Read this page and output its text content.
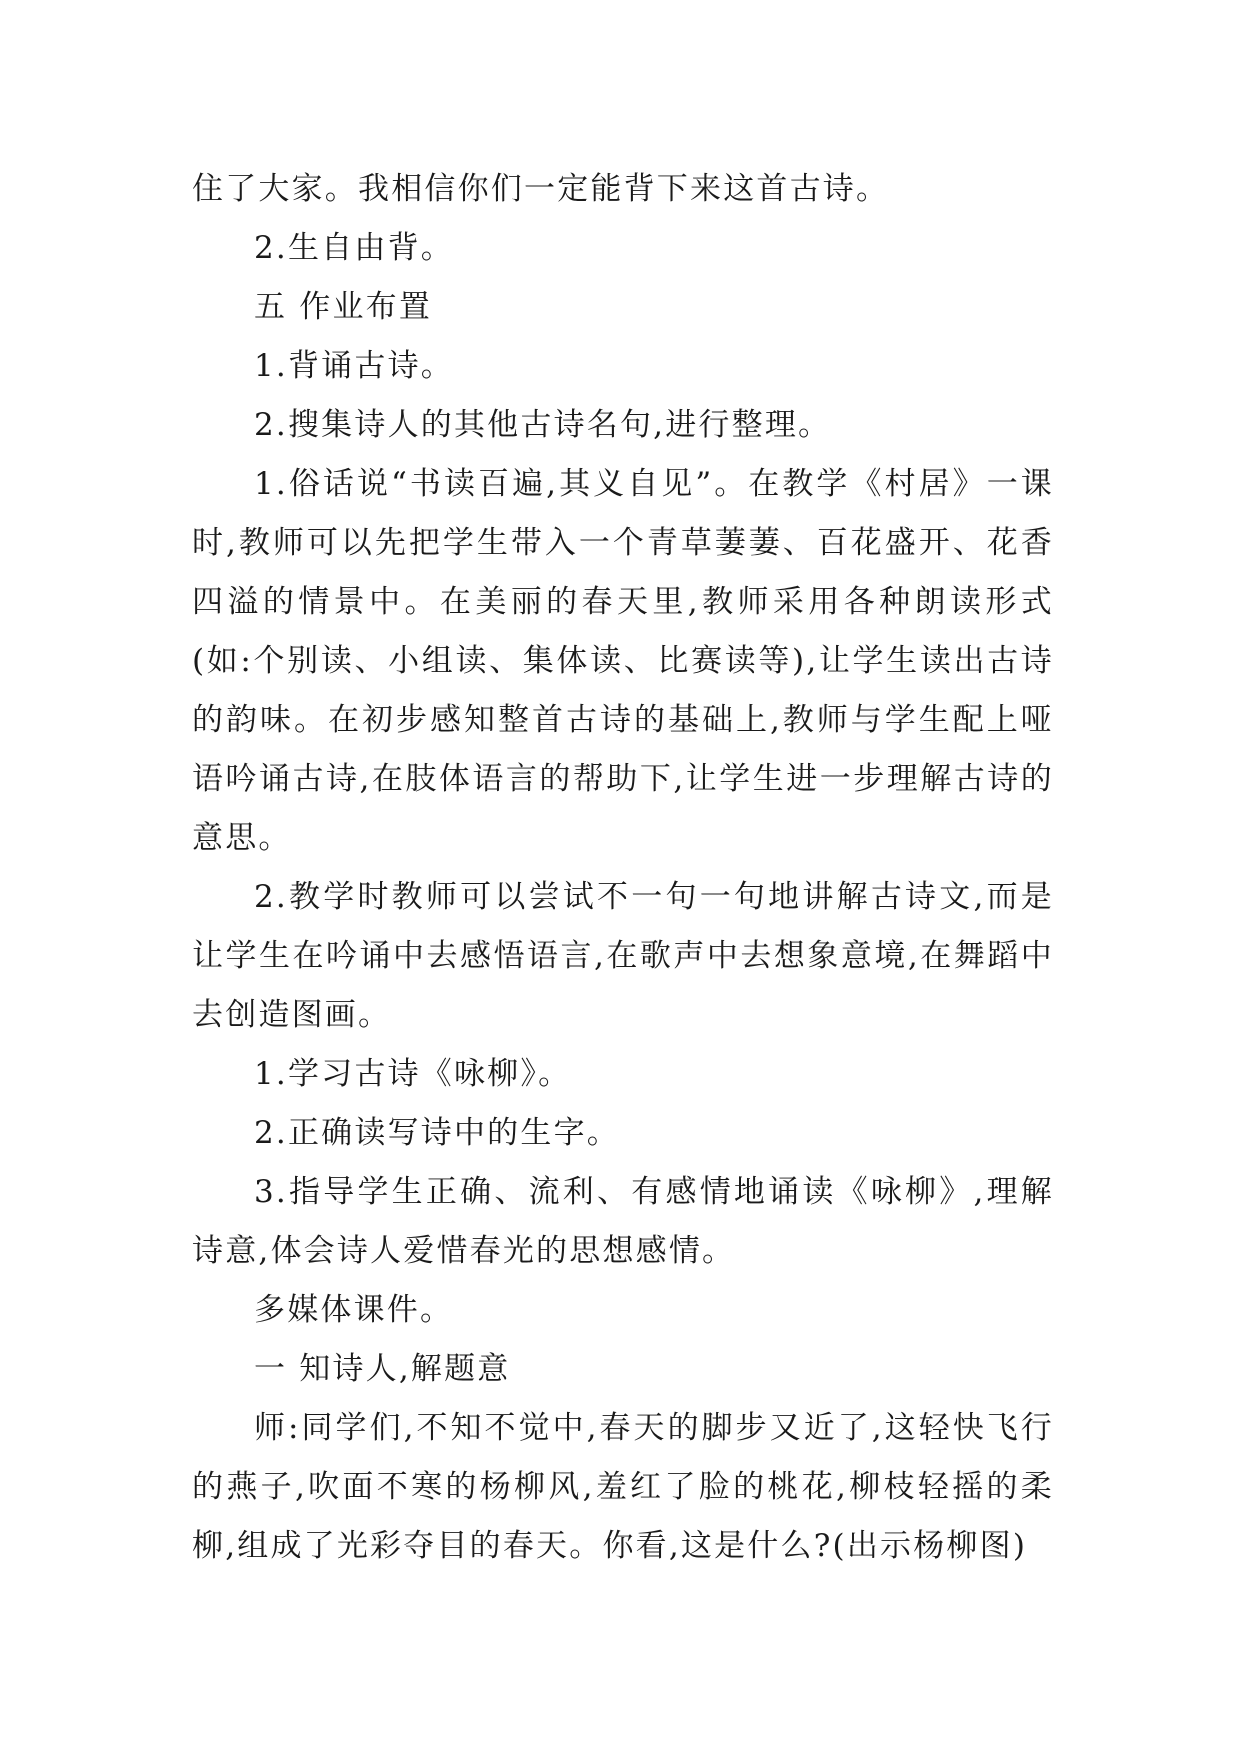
住了大家。我相信你们一定能背下来这首古诗。

2.生自由背。

五 作业布置

1.背诵古诗。

2.搜集诗人的其他古诗名句,进行整理。

1.俗话说“书读百遍,其义自见”。在教学《村居》一课时,教师可以先把学生带入一个青草萋萋、百花盛开、花香四溢的情景中。在美丽的春天里,教师采用各种朗读形式(如:个别读、小组读、集体读、比赛读等),让学生读出古诗的韵味。在初步感知整首古诗的基础上,教师与学生配上哑语吟诵古诗,在肢体语言的帮助下,让学生进一步理解古诗的意思。

2.教学时教师可以尝试不一句一句地讲解古诗文,而是让学生在吟诵中去感悟语言,在歌声中去想象意境,在舞蹈中去创造图画。

1.学习古诗《咏柳》。

2.正确读写诗中的生字。

3.指导学生正确、流利、有感情地诵读《咏柳》,理解诗意,体会诗人爱惜春光的思想感情。

多媒体课件。

一 知诗人,解题意

师:同学们,不知不觉中,春天的脚步又近了,这轻快飞行的燕子,吹面不寒的杨柳风,羞红了脸的桃花,柳枝轻摇的柔柳,组成了光彩夺目的春天。你看,这是什么?(出示杨柳图)
